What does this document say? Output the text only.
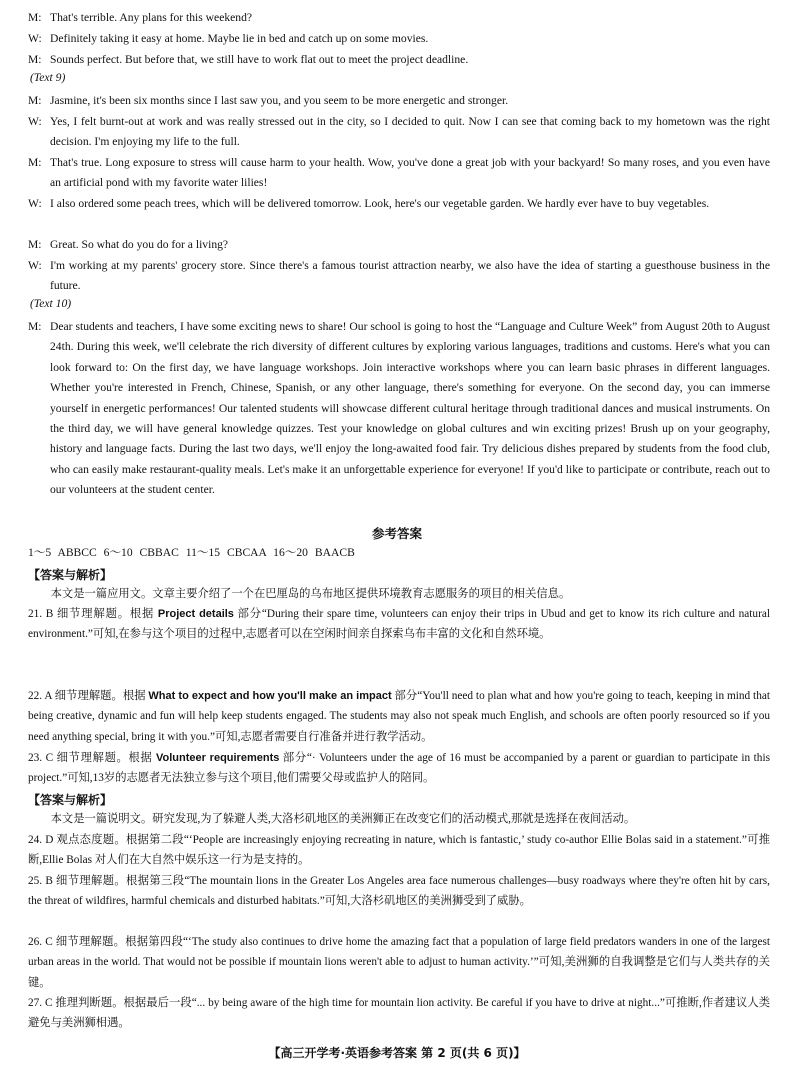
M: That's terrible. Any plans for this weekend?
W: Definitely taking it easy at home. Maybe lie in bed and catch up on some movies.
M: Sounds perfect. But before that, we still have to work flat out to meet the project deadline.
(Text 9)
M: Jasmine, it's been six months since I last saw you, and you seem to be more energetic and stronger.
W: Yes, I felt burnt-out at work and was really stressed out in the city, so I decided to quit. Now I can see that coming back to my hometown was the right decision. I'm enjoying my life to the full.
M: That's true. Long exposure to stress will cause harm to your health. Wow, you've done a great job with your backyard! So many roses, and you even have an artificial pond with my favorite water lilies!
W: I also ordered some peach trees, which will be delivered tomorrow. Look, here's our vegetable garden. We hardly ever have to buy vegetables.
M: Great. So what do you do for a living?
W: I'm working at my parents' grocery store. Since there's a famous tourist attraction nearby, we also have the idea of starting a guesthouse business in the future.
(Text 10)
M: Dear students and teachers, I have some exciting news to share! Our school is going to host the “Language and Culture Week” from August 20th to August 24th. During this week, we'll celebrate the rich diversity of different cultures by exploring various languages, traditions and customs. Here's what you can look forward to: On the first day, we have language workshops. Join interactive workshops where you can learn basic phrases in different languages. Whether you're interested in French, Chinese, Spanish, or any other language, there's something for everyone. On the second day, you can immerse yourself in energetic performances! Our talented students will showcase different cultural heritage through traditional dances and musical instruments. On the third day, we will have general knowledge quizzes. Test your knowledge on global cultures and win exciting prizes! Brush up on your geography, history and language facts. During the last two days, we'll enjoy the long-awaited food fair. Try delicious dishes prepared by students from the food club, who can easily make restaurant-quality meals. Let's make it an unforgettable experience for everyone! If you'd like to participate or contribute, reach out to our volunteers at the student center.
参考答案
1～5 ABBCC 6～10 CBBAC 11～15 CBCAA 16～20 BAACB
【答案与解析】
本文是一篇应用文。文章主要介绍了一个在巴厘岛的乌布地区提供环境教育志愿服务的项目的相关信息。
21. B 细节理解题。根据 Project details 部分“During their spare time, volunteers can enjoy their trips in Ubud and get to know its rich culture and natural environment.”可知,在参与这个项目的过程中,志愿者可以在空闲时间亲自探索乌布丰富的文化和自然环境。
22. A 细节理解题。根据 What to expect and how you'll make an impact 部分“You'll need to plan what and how you're going to teach, keeping in mind that being creative, dynamic and fun will help keep students engaged. The students may also not speak much English, and schools are often poorly resourced so if you need anything special, bring it with you.”可知,志愿者需要自行准备并进行教学活动。
23. C 细节理解题。根据 Volunteer requirements 部分“· Volunteers under the age of 16 must be accompanied by a parent or guardian to participate in this project.”可知,13岁的志愿者无法独立参与这个项目,他们需要父母或监护人的陪同。
【答案与解析】
本文是一篇说明文。研究发现,为了躲避人类,大洛杉矶地区的美洲狮正在改变它们的活动模式,那就是选择在夜间活动。
24. D 观点态度题。根据第二段“‘People are increasingly enjoying recreating in nature, which is fantastic,’ study co-author Ellie Bolas said in a statement.”可推断,Ellie Bolas 对人们在大自然中娱乐这一行为是支持的。
25. B 细节理解题。根据第三段“The mountain lions in the Greater Los Angeles area face numerous challenges—busy roadways where they're often hit by cars, the threat of wildfires, harmful chemicals and disturbed habitats.”可知,大洛杉矶地区的美洲狮受到了威胁。
26. C 细节理解题。根据第四段“‘The study also continues to drive home the amazing fact that a population of large field predators wanders in one of the largest urban areas in the world. That would not be possible if mountain lions weren't able to adjust to human activity.’”可知,美洲狮的自我调整是它们与人类共存的关键。
27. C 推理判断题。根据最后一段“... by being aware of the high time for mountain lion activity. Be careful if you have to drive at night...”可推断,作者建议人类避免与美洲狮相遇。
【高三开学考·英语参考答案 第 2 页(共 6 页)】
